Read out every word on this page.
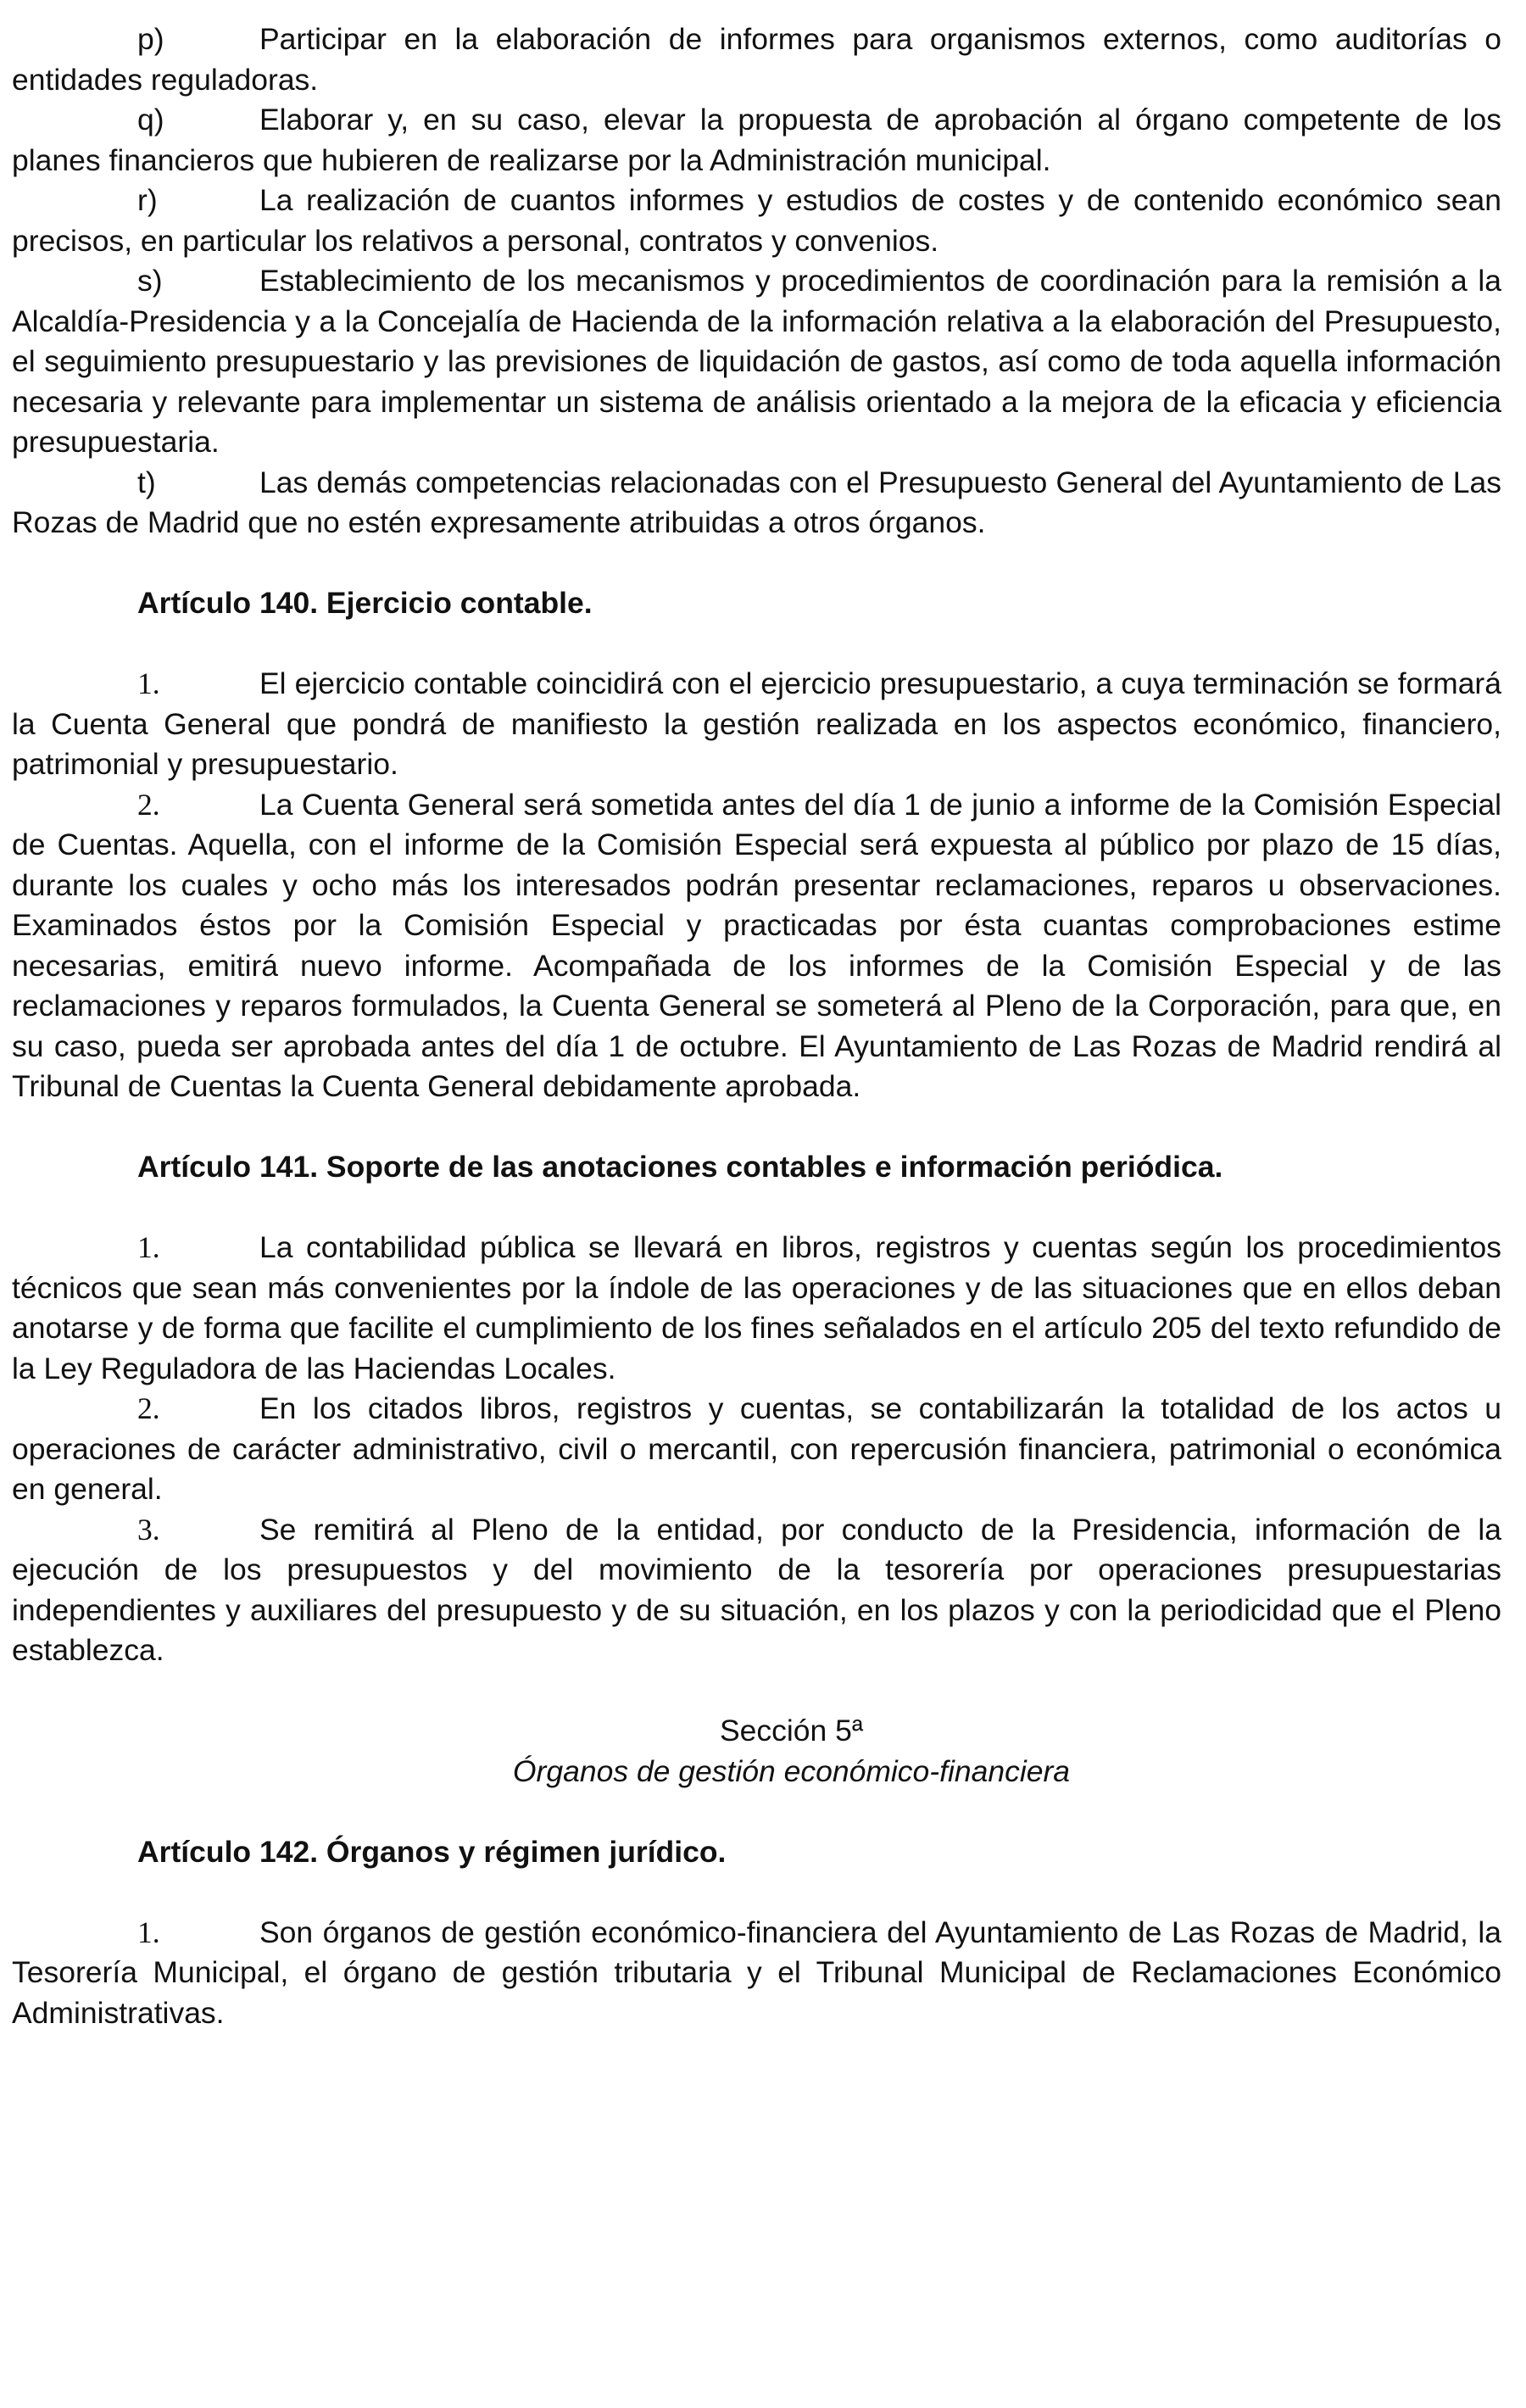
p)	Participar en la elaboración de informes para organismos externos, como auditorías o entidades reguladoras.

q)	Elaborar y, en su caso, elevar la propuesta de aprobación al órgano competente de los planes financieros que hubieren de realizarse por la Administración municipal.

r)	La realización de cuantos informes y estudios de costes y de contenido económico sean precisos, en particular los relativos a personal, contratos y convenios.

s)	Establecimiento de los mecanismos y procedimientos de coordinación para la remisión a la Alcaldía-Presidencia y a la Concejalía de Hacienda de la información relativa a la elaboración del Presupuesto, el seguimiento presupuestario y las previsiones de liquidación de gastos, así como de toda aquella información necesaria y relevante para implementar un sistema de análisis orientado a la mejora de la eficacia y eficiencia presupuestaria.

t)	Las demás competencias relacionadas con el Presupuesto General del Ayuntamiento de Las Rozas de Madrid que no estén expresamente atribuidas a otros órganos.

Artículo 140. Ejercicio contable.

1.	El ejercicio contable coincidirá con el ejercicio presupuestario, a cuya terminación se formará la Cuenta General que pondrá de manifiesto la gestión realizada en los aspectos económico, financiero, patrimonial y presupuestario.

2.	La Cuenta General será sometida antes del día 1 de junio a informe de la Comisión Especial de Cuentas. Aquella, con el informe de la Comisión Especial será expuesta al público por plazo de 15 días, durante los cuales y ocho más los interesados podrán presentar reclamaciones, reparos u observaciones. Examinados éstos por la Comisión Especial y practicadas por ésta cuantas comprobaciones estime necesarias, emitirá nuevo informe. Acompañada de los informes de la Comisión Especial y de las reclamaciones y reparos formulados, la Cuenta General se someterá al Pleno de la Corporación, para que, en su caso, pueda ser aprobada antes del día 1 de octubre. El Ayuntamiento de Las Rozas de Madrid rendirá al Tribunal de Cuentas la Cuenta General debidamente aprobada.

Artículo 141. Soporte de las anotaciones contables e información periódica.

1.	La contabilidad pública se llevará en libros, registros y cuentas según los procedimientos técnicos que sean más convenientes por la índole de las operaciones y de las situaciones que en ellos deban anotarse y de forma que facilite el cumplimiento de los fines señalados en el artículo 205 del texto refundido de la Ley Reguladora de las Haciendas Locales.

2.	En los citados libros, registros y cuentas, se contabilizarán la totalidad de los actos u operaciones de carácter administrativo, civil o mercantil, con repercusión financiera, patrimonial o económica en general.

3.	Se remitirá al Pleno de la entidad, por conducto de la Presidencia, información de la ejecución de los presupuestos y del movimiento de la tesorería por operaciones presupuestarias independientes y auxiliares del presupuesto y de su situación, en los plazos y con la periodicidad que el Pleno establezca.

Sección 5ª

Órganos de gestión económico-financiera

Artículo 142. Órganos y régimen jurídico.

1.	Son órganos de gestión económico-financiera del Ayuntamiento de Las Rozas de Madrid, la Tesorería Municipal, el órgano de gestión tributaria y el Tribunal Municipal de Reclamaciones Económico Administrativas.
